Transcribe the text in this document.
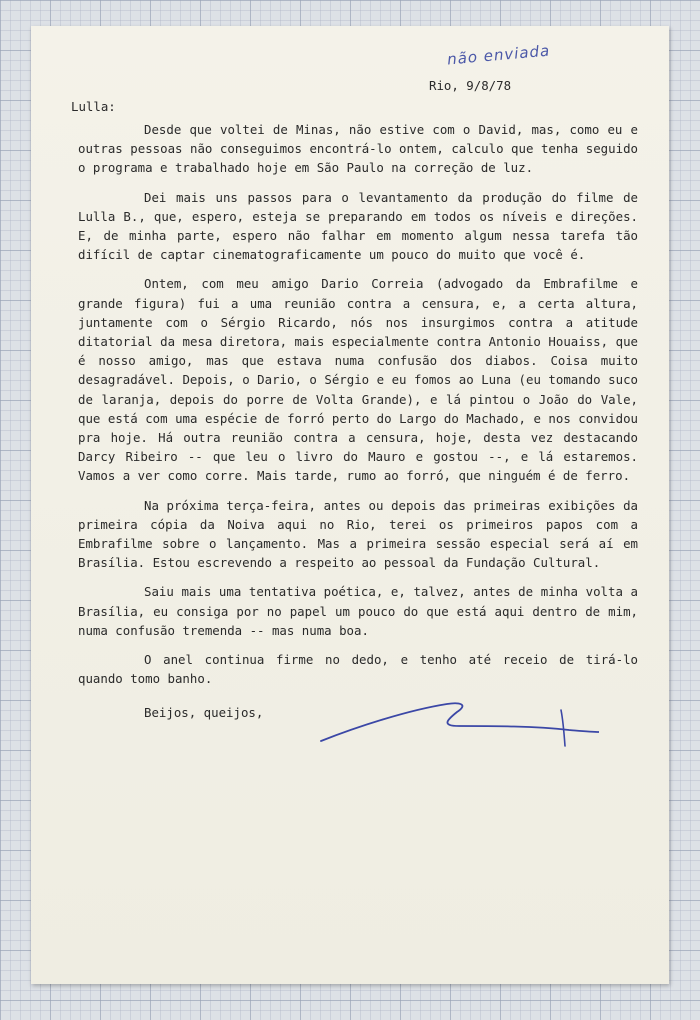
não enviada

Rio, 9/8/78

Lulla:

Desde que voltei de Minas, não estive com o David, mas, como eu e outras pessoas não conseguimos encontrá-lo ontem, calculo que tenha seguido o programa e trabalhado hoje em São Paulo na correção de luz.

Dei mais uns passos para o levantamento da produção do filme de Lulla B., que, espero, esteja se preparando em todos os níveis e direções. E, de minha parte, espero não falhar em momento algum nessa tarefa tão difícil de captar cinematograficamente um pouco do muito que você é.

Ontem, com meu amigo Dario Correia (advogado da Embrafilme e grande figura) fui a uma reunião contra a censura, e, a certa altura, juntamente com o Sérgio Ricardo, nós nos insurgimos contra a atitude ditatorial da mesa diretora, mais especialmente contra Antonio Houaiss, que é nosso amigo, mas que estava numa confusão dos diabos. Coisa muito desagradável. Depois, o Dario, o Sérgio e eu fomos ao Luna (eu tomando suco de laranja, depois do porre de Volta Grande), e lá pintou o João do Vale, que está com uma espécie de forró perto do Largo do Machado, e nos convidou pra hoje. Há outra reunião contra a censura, hoje, desta vez destacando Darcy Ribeiro -- que leu o livro do Mauro e gostou --, e lá estaremos. Vamos a ver como corre. Mais tarde, rumo ao forró, que ninguém é de ferro.

Na próxima terça-feira, antes ou depois das primeiras exibições da primeira cópia da Noiva aqui no Rio, terei os primeiros papos com a Embrafilme sobre o lançamento. Mas a primeira sessão especial será aí em Brasília. Estou escrevendo a respeito ao pessoal da Fundação Cultural.

Saiu mais uma tentativa poética, e, talvez, antes de minha volta a Brasília, eu consiga por no papel um pouco do que está aqui dentro de mim, numa confusão tremenda -- mas numa boa.

O anel continua firme no dedo, e tenho até receio de tirá-lo quando tomo banho.

Beijos, queijos,
